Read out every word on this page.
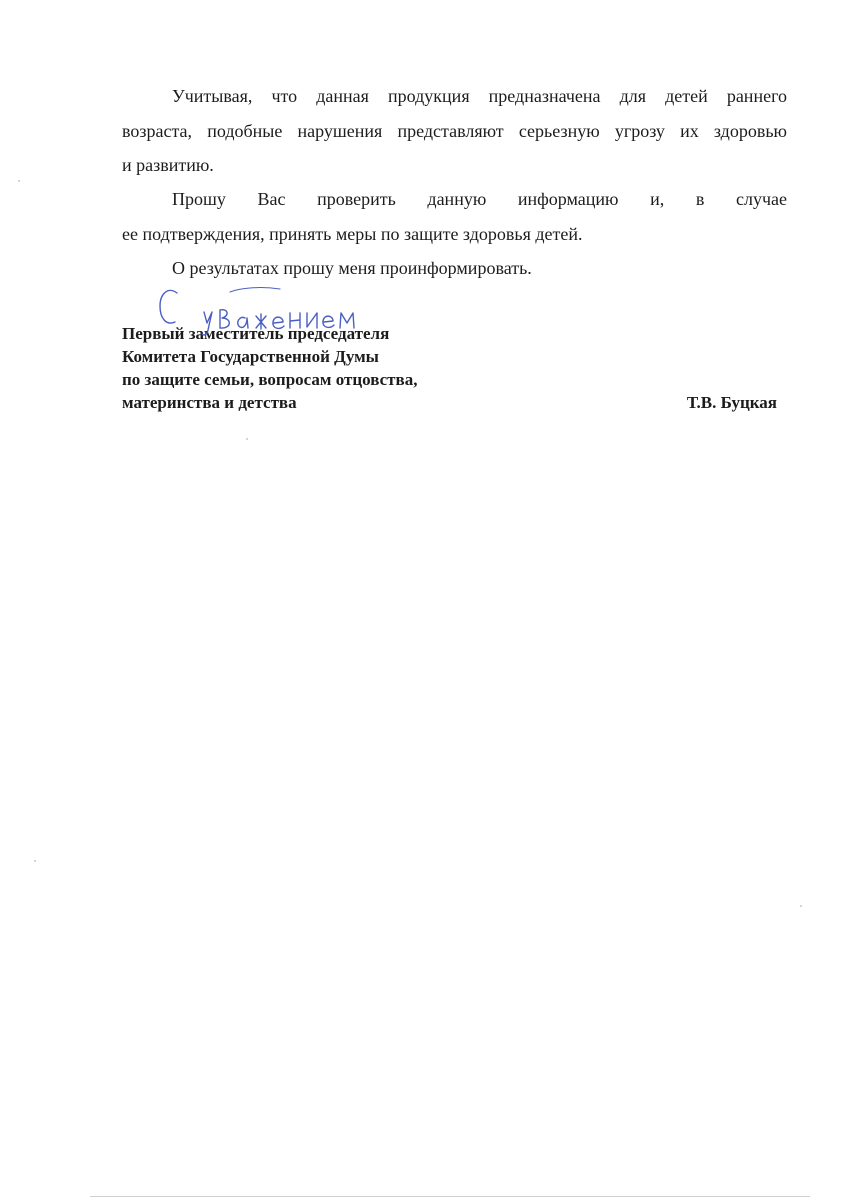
Учитывая, что данная продукция предназначена для детей раннего
возраста, подобные нарушения представляют серьезную угрозу их здоровью
и развитию.

Прошу Вас проверить данную информацию и, в случае
ее подтверждения, принять меры по защите здоровья детей.

О результатах прошу меня проинформировать.

Первый заместитель председателя
Комитета Государственной Думы
по защите семьи, вопросам отцовства,
материнства и детства	Т.В. Буцкая
